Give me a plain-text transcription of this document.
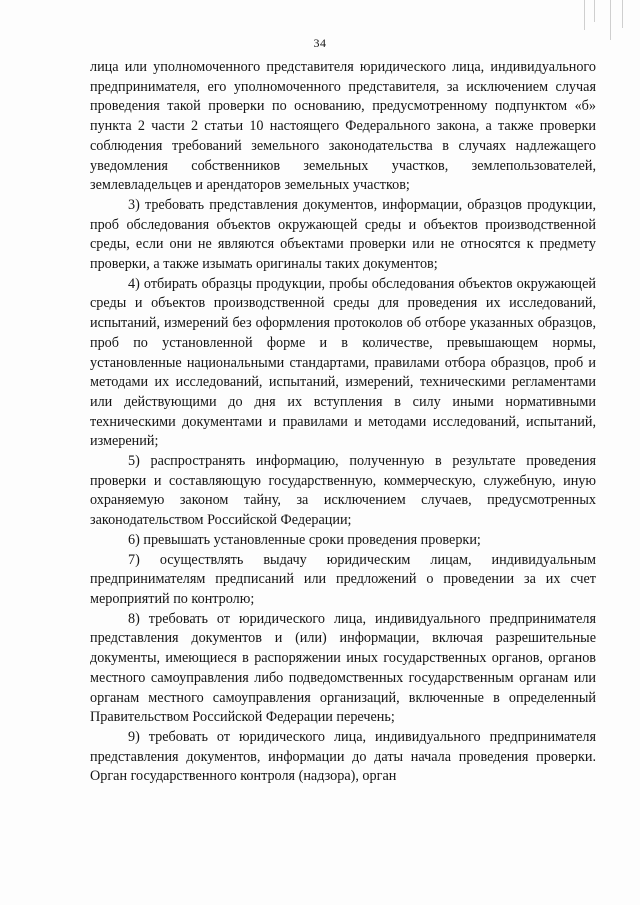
34

лица или уполномоченного представителя юридического лица, индивидуального предпринимателя, его уполномоченного представителя, за исключением случая проведения такой проверки по основанию, предусмотренному подпунктом «б» пункта 2 части 2 статьи 10 настоящего Федерального закона, а также проверки соблюдения требований земельного законодательства в случаях надлежащего уведомления собственников земельных участков, землепользователей, землевладельцев и арендаторов земельных участков;

3) требовать представления документов, информации, образцов продукции, проб обследования объектов окружающей среды и объектов производственной среды, если они не являются объектами проверки или не относятся к предмету проверки, а также изымать оригиналы таких документов;

4) отбирать образцы продукции, пробы обследования объектов окружающей среды и объектов производственной среды для проведения их исследований, испытаний, измерений без оформления протоколов об отборе указанных образцов, проб по установленной форме и в количестве, превышающем нормы, установленные национальными стандартами, правилами отбора образцов, проб и методами их исследований, испытаний, измерений, техническими регламентами или действующими до дня их вступления в силу иными нормативными техническими документами и правилами и методами исследований, испытаний, измерений;

5) распространять информацию, полученную в результате проведения проверки и составляющую государственную, коммерческую, служебную, иную охраняемую законом тайну, за исключением случаев, предусмотренных законодательством Российской Федерации;

6) превышать установленные сроки проведения проверки;

7) осуществлять выдачу юридическим лицам, индивидуальным предпринимателям предписаний или предложений о проведении за их счет мероприятий по контролю;

8) требовать от юридического лица, индивидуального предпринимателя представления документов и (или) информации, включая разрешительные документы, имеющиеся в распоряжении иных государственных органов, органов местного самоуправления либо подведомственных государственным органам или органам местного самоуправления организаций, включенные в определенный Правительством Российской Федерации перечень;

9) требовать от юридического лица, индивидуального предпринимателя представления документов, информации до даты начала проведения проверки. Орган государственного контроля (надзора), орган
